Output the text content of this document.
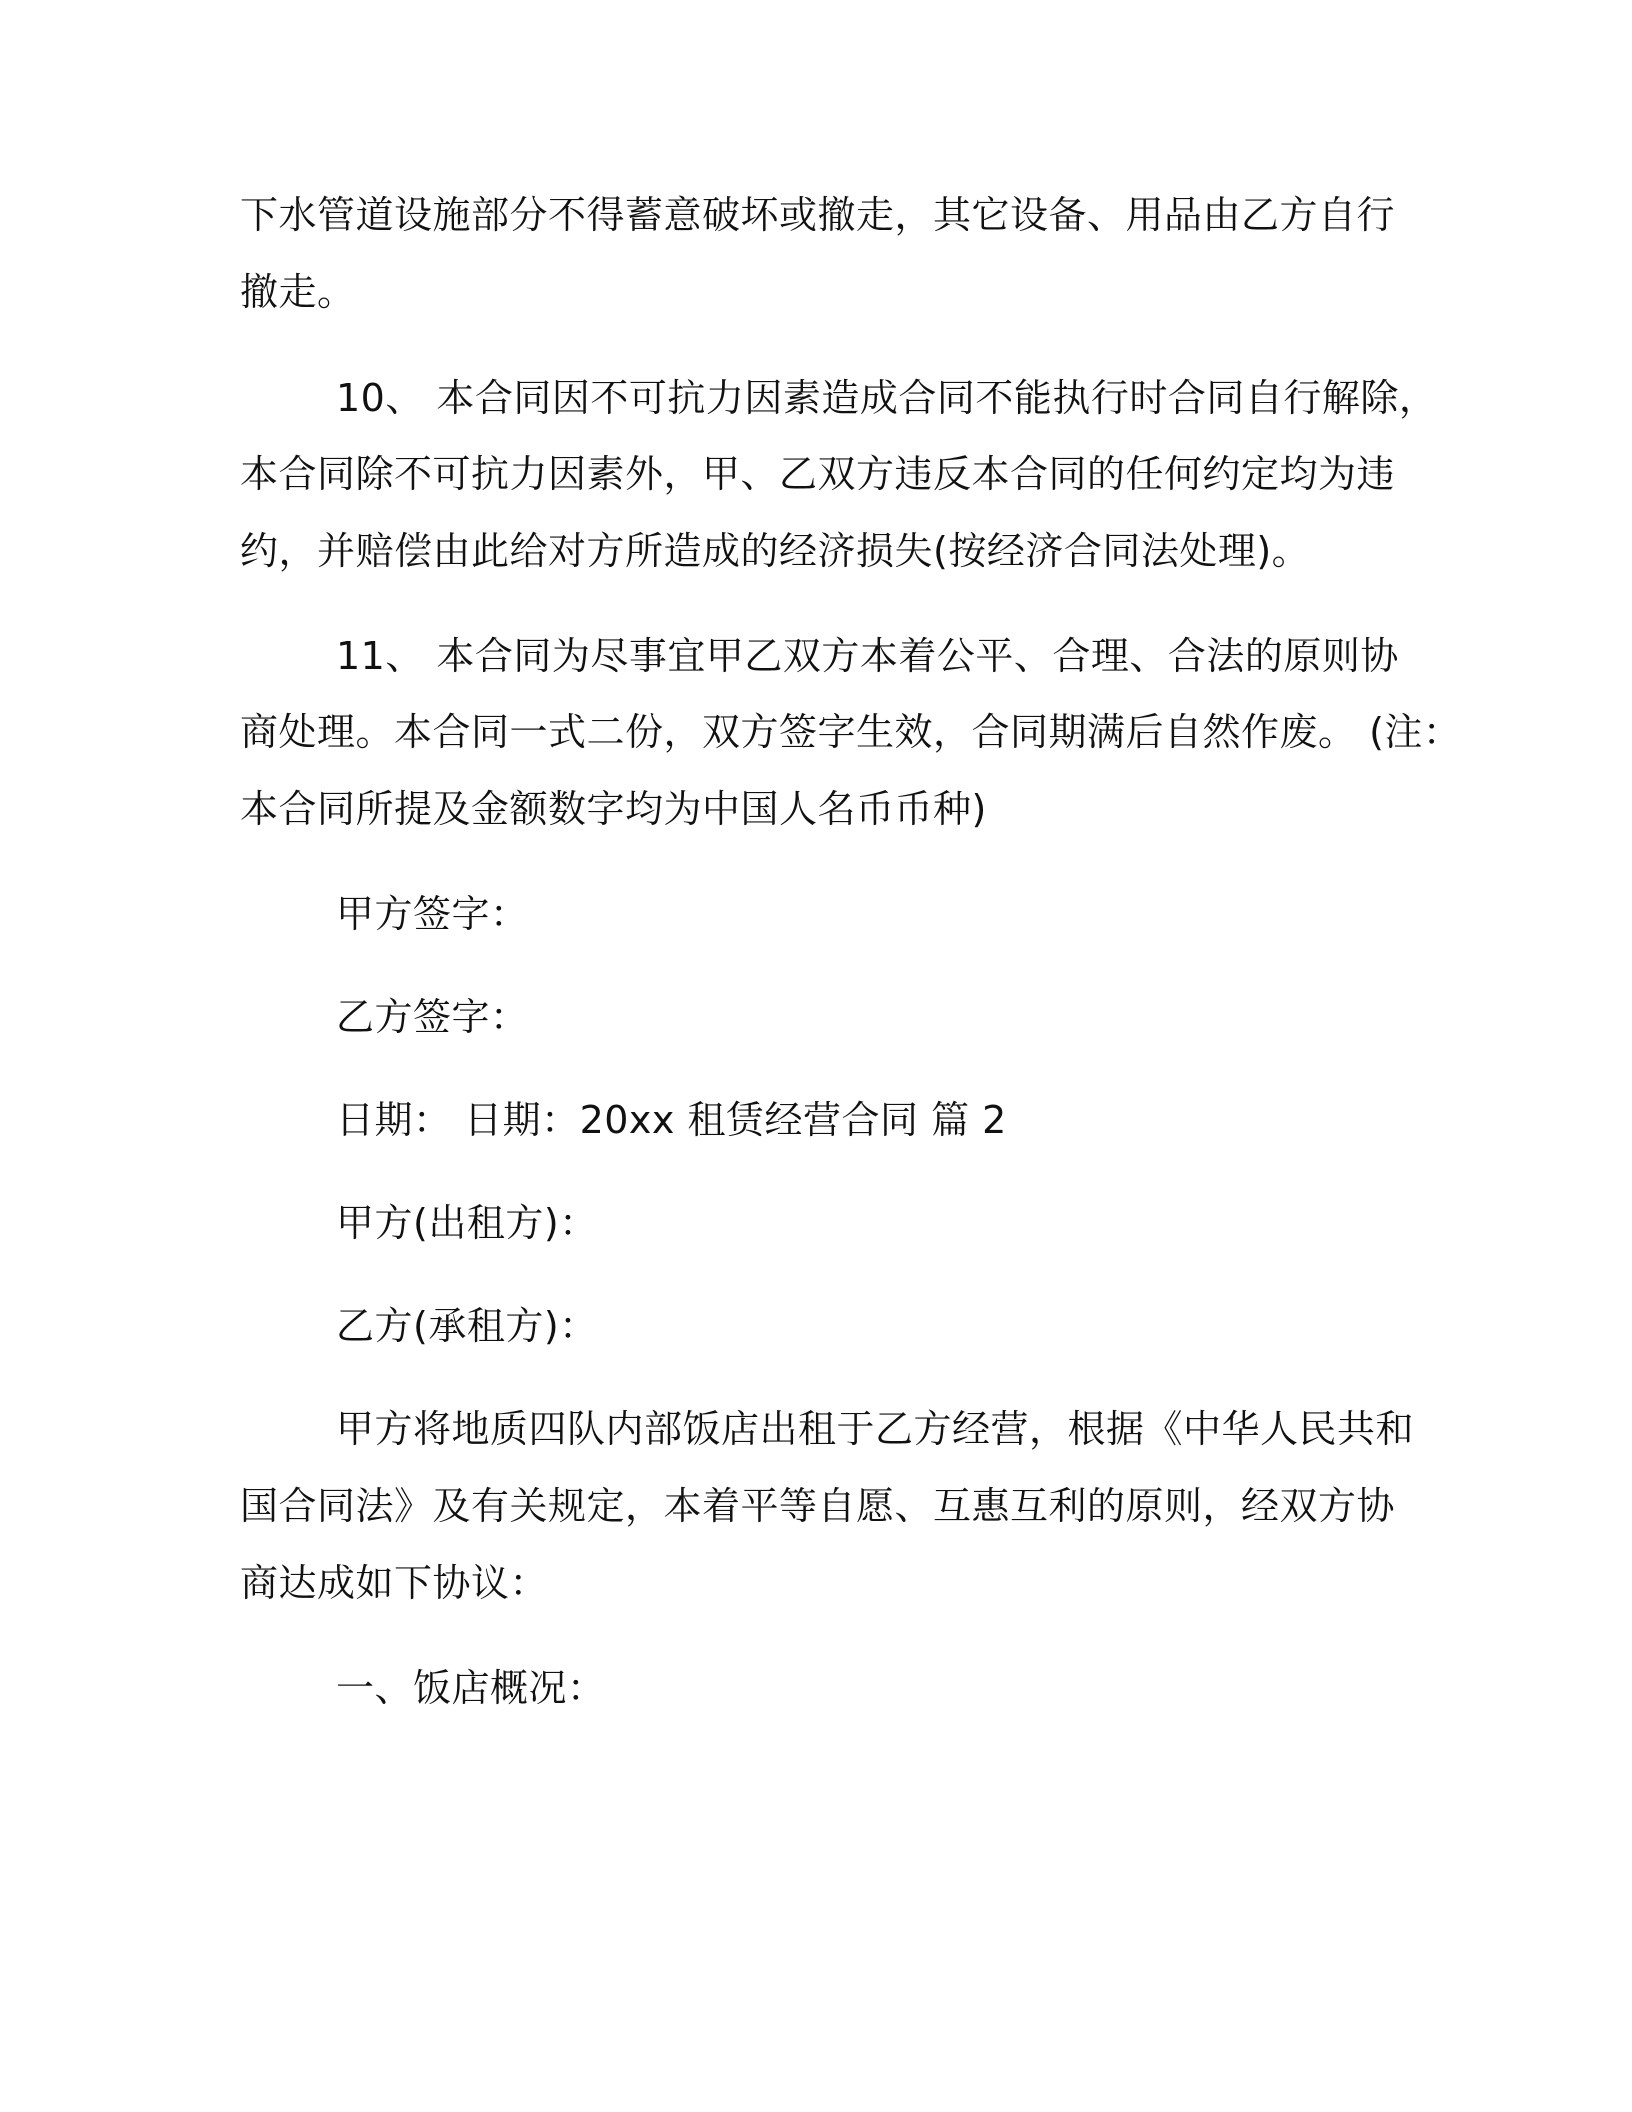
下水管道设施部分不得蓄意破坏或撤走，其它设备、用品由乙方自行
撤走。
10、 本合同因不可抗力因素造成合同不能执行时合同自行解除，
本合同除不可抗力因素外，甲、乙双方违反本合同的任何约定均为违
约，并赔偿由此给对方所造成的经济损失(按经济合同法处理)。
11、 本合同为尽事宜甲乙双方本着公平、合理、合法的原则协
商处理。本合同一式二份，双方签字生效，合同期满后自然作废。 (注：
本合同所提及金额数字均为中国人名币币种)
甲方签字：
乙方签字：
日期： 日期：20xx 租赁经营合同 篇 2
甲方(出租方)：
乙方(承租方)：
甲方将地质四队内部饭店出租于乙方经营，根据《中华人民共和
国合同法》及有关规定，本着平等自愿、互惠互利的原则，经双方协
商达成如下协议：
一、饭店概况：
